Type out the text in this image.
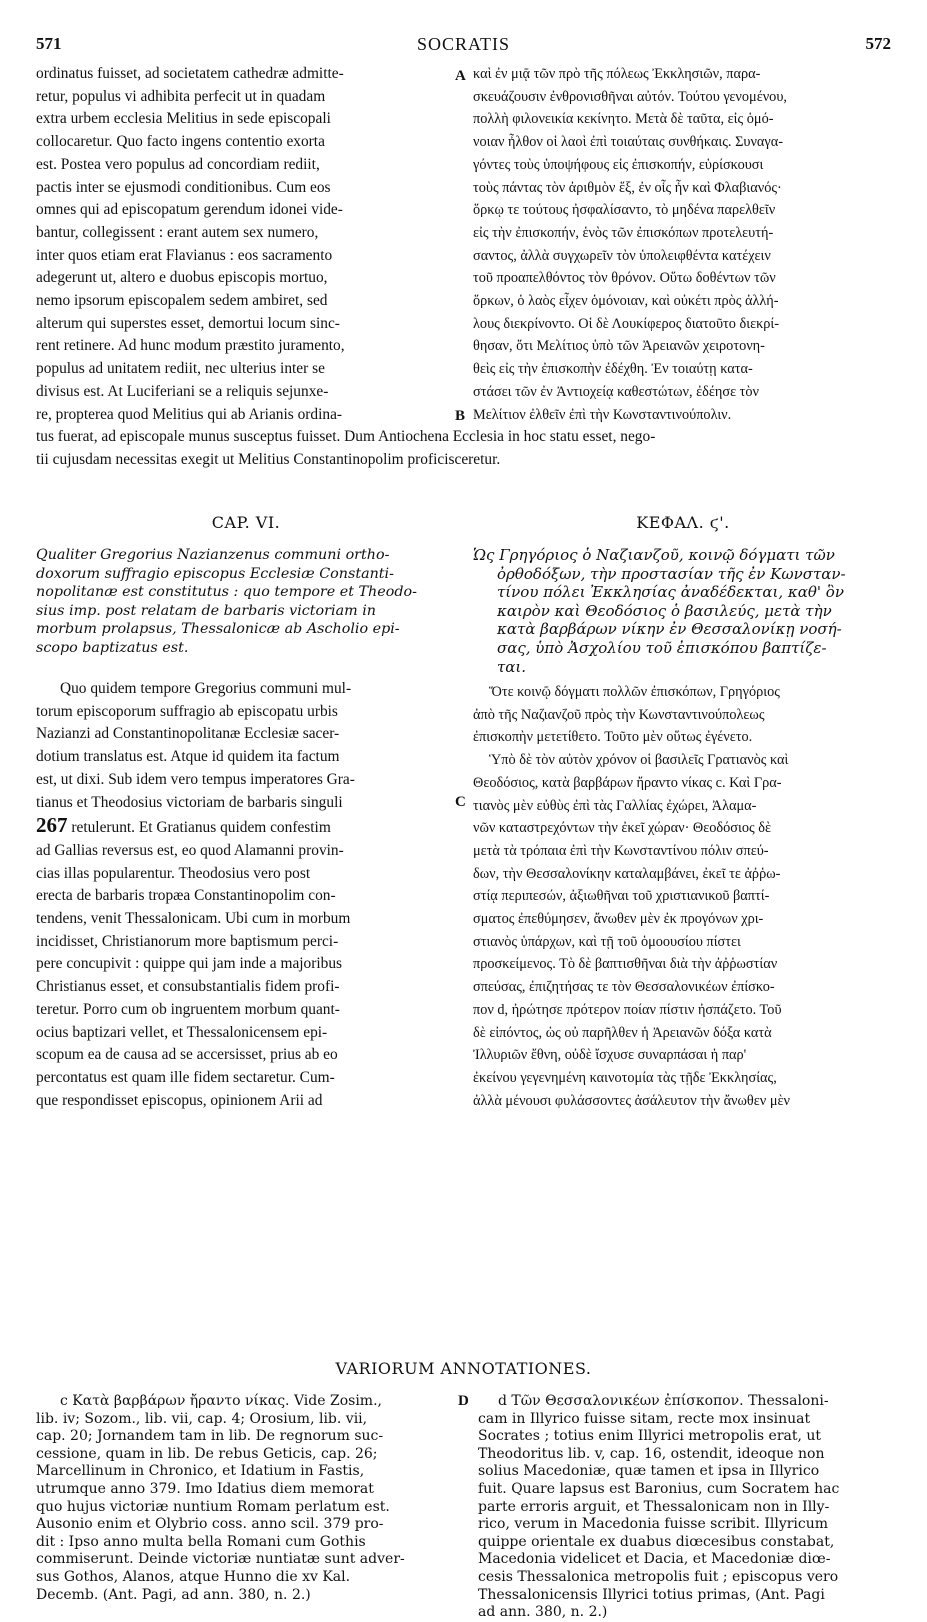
571	SOCRATIS	572
A
B
C
D
ordinatus fuisset, ad societatem cathedræ admitte-
retur, populus vi adhibita perfecit ut in quadam
extra urbem ecclesia Melitius in sede episcopali
collocaretur. Quo facto ingens contentio exorta
est. Postea vero populus ad concordiam rediit,
pactis inter se ejusmodi conditionibus. Cum eos
omnes qui ad episcopatum gerendum idonei vide-
bantur, collegissent : erant autem sex numero,
inter quos etiam erat Flavianus : eos sacramento
adegerunt ut, altero e duobus episcopis mortuo,
nemo ipsorum episcopalem sedem ambiret, sed
alterum qui superstes esset, demortui locum sinc-
rent retinere. Ad hunc modum præstito juramento,
populus ad unitatem rediit, nec ulterius inter se
divisus est. At Luciferiani se a reliquis sejunxe-
re, propterea quod Melitius qui ab Arianis ordina-
καὶ ἐν μιᾷ τῶν πρὸ τῆς πόλεως Ἐκκλησιῶν, παρα-
σκευάζουσιν ἐνθρονισθῆναι αὐτόν. Τούτου γενομένου,
πολλὴ φιλονεικία κεκίνητο. Μετὰ δὲ ταῦτα, εἰς ὁμό-
νοιαν ἦλθον οἱ λαοὶ ἐπὶ τοιαύταις συνθήκαις. Συναγα-
γόντες τοὺς ὑποψήφους εἰς ἐπισκοπήν, εὑρίσκουσι
τοὺς πάντας τὸν ἀριθμὸν ἕξ, ἐν οἷς ἦν καὶ Φλαβιανός·
ὅρκῳ τε τούτους ἠσφαλίσαντο, τὸ μηδένα παρελθεῖν
εἰς τὴν ἐπισκοπήν, ἑνὸς τῶν ἐπισκόπων προτελευτή-
σαντος, ἀλλὰ συγχωρεῖν τὸν ὑπολειφθέντα κατέχειν
τοῦ προαπελθόντος τὸν θρόνον. Οὕτω δοθέντων τῶν
ὅρκων, ὁ λαὸς εἶχεν ὁμόνοιαν, καὶ οὐκέτι πρὸς ἀλλή-
λους διεκρίνοντο. Οἱ δὲ Λουκίφερος διατοῦτο διεκρί-
θησαν, ὅτι Μελίτιος ὑπὸ τῶν Ἀρειανῶν χειροτονη-
θεὶς εἰς τὴν ἐπισκοπὴν ἐδέχθη. Ἐν τοιαύτῃ κατα-
στάσει τῶν ἐν Ἀντιοχείᾳ καθεστώτων, ἐδέησε τὸν
Μελίτιον ἐλθεῖν ἐπὶ τὴν Κωνσταντινούπολιν.
tus fuerat, ad episcopale munus susceptus fuisset. Dum Antiochena Ecclesia in hoc statu esset, nego-
tii cujusdam necessitas exegit ut Melitius Constantinopolim proficisceretur.
CAP. VI.	ΚΕΦΑΛ. ϛ'.
Qualiter Gregorius Nazianzenus communi ortho-
doxorum suffragio episcopus Ecclesiæ Constanti-
nopolitanæ est constitutus : quo tempore et Theodo-
sius imp. post relatam de barbaris victoriam in
morbum prolapsus, Thessalonicæ ab Ascholio epi-
scopo baptizatus est.
Ὡς Γρηγόριος ὁ Ναζιανζοῦ, κοινῷ δόγματι τῶν
ὀρθοδόξων, τὴν προστασίαν τῆς ἐν Κωνσταν-
τίνου πόλει Ἐκκλησίας ἀναδέδεκται, καθ' ὃν
καιρὸν καὶ Θεοδόσιος ὁ βασιλεύς, μετὰ τὴν
κατὰ βαρβάρων νίκην ἐν Θεσσαλονίκῃ νοσή-
σας, ὑπὸ Ἀσχολίου τοῦ ἐπισκόπου βαπτίζε-
ται.
Quo quidem tempore Gregorius communi mul-
torum episcoporum suffragio ab episcopatu urbis
Nazianzi ad Constantinopolitanæ Ecclesiæ sacer-
dotium translatus est. Atque id quidem ita factum
est, ut dixi. Sub idem vero tempus imperatores Gra-
tianus et Theodosius victoriam de barbaris singuli
267 retulerunt. Et Gratianus quidem confestim
ad Gallias reversus est, eo quod Alamanni provin-
cias illas popularentur. Theodosius vero post
erecta de barbaris tropæa Constantinopolim con-
tendens, venit Thessalonicam. Ubi cum in morbum
incidisset, Christianorum more baptismum perci-
pere concupivit : quippe qui jam inde a majoribus
Christianus esset, et consubstantialis fidem profi-
teretur. Porro cum ob ingruentem morbum quant-
ocius baptizari vellet, et Thessalonicensem epi-
scopum ea de causa ad se accersisset, prius ab eo
percontatus est quam ille fidem sectaretur. Cum-
que respondisset episcopus, opinionem Arii ad
Ὅτε κοινῷ δόγματι πολλῶν ἐπισκόπων, Γρηγόριος
ἀπὸ τῆς Ναζιανζοῦ πρὸς τὴν Κωνσταντινούπολεως
ἐπισκοπὴν μετετίθετο. Τοῦτο μὲν οὕτως ἐγένετο.
Ὑπὸ δὲ τὸν αὐτὸν χρόνον οἱ βασιλεῖς Γρατιανὸς καὶ
Θεοδόσιος, κατὰ βαρβάρων ἤραντο νίκας c. Καὶ Γρα-
τιανὸς μὲν εὐθὺς ἐπὶ τὰς Γαλλίας ἐχώρει, Ἀλαμα-
νῶν καταστρεχόντων τὴν ἐκεῖ χώραν· Θεοδόσιος δὲ
μετὰ τὰ τρόπαια ἐπὶ τὴν Κωνσταντίνου πόλιν σπεύ-
δων, τὴν Θεσσαλονίκην καταλαμβάνει, ἐκεῖ τε ἀῤῥω-
στίᾳ περιπεσών, ἀξιωθῆναι τοῦ χριστιανικοῦ βαπτί-
σματος ἐπεθύμησεν, ἄνωθεν μὲν ἐκ προγόνων χρι-
στιανὸς ὑπάρχων, καὶ τῇ τοῦ ὁμοουσίου πίστει
προσκείμενος. Τὸ δὲ βαπτισθῆναι διὰ τὴν ἀῤῥωστίαν
σπεύσας, ἐπιζητήσας τε τὸν Θεσσαλονικέων ἐπίσκο-
πον d, ἠρώτησε πρότερον ποίαν πίστιν ἠσπάζετο. Τοῦ
δὲ εἰπόντος, ὡς οὐ παρῆλθεν ἡ Ἀρειανῶν δόξα κατὰ
Ἰλλυριῶν ἔθνη, οὐδὲ ἴσχυσε συναρπάσαι ἡ παρ'
ἐκείνου γεγενημένη καινοτομία τὰς τῇδε Ἐκκλησίας,
ἀλλὰ μένουσι φυλάσσοντες ἀσάλευτον τὴν ἄνωθεν μὲν
VARIORUM ANNOTATIONES.
c Κατὰ βαρβάρων ἤραντο νίκας. Vide Zosim.,
lib. iv; Sozom., lib. vii, cap. 4; Orosium, lib. vii,
cap. 20; Jornandem tam in lib. De regnorum suc-
cessione, quam in lib. De rebus Geticis, cap. 26;
Marcellinum in Chronico, et Idatium in Fastis,
utrumque anno 379. Imo Idatius diem memorat
quo hujus victoriæ nuntium Romam perlatum est.
Ausonio enim et Olybrio coss. anno scil. 379 pro-
dit : Ipso anno multa bella Romani cum Gothis
commiserunt. Deinde victoriæ nuntiatæ sunt adver-
sus Gothos, Alanos, atque Hunno die xv Kal.
Decemb. (Ant. Pagi, ad ann. 380, n. 2.)
d Τῶν Θεσσαλονικέων ἐπίσκοπον. Thessaloni-
cam in Illyrico fuisse sitam, recte mox insinuat
Socrates ; totius enim Illyrici metropolis erat, ut
Theodoritus lib. v, cap. 16, ostendit, ideoque non
solius Macedoniæ, quæ tamen et ipsa in Illyrico
fuit. Quare lapsus est Baronius, cum Socratem hac
parte erroris arguit, et Thessalonicam non in Illy-
rico, verum in Macedonia fuisse scribit. Illyricum
quippe orientale ex duabus diœcesibus constabat,
Macedonia videlicet et Dacia, et Macedoniæ diœ-
cesis Thessalonica metropolis fuit ; episcopus vero
Thessalonicensis Illyrici totius primas, (Ant. Pagi
ad ann. 380, n. 2.)
